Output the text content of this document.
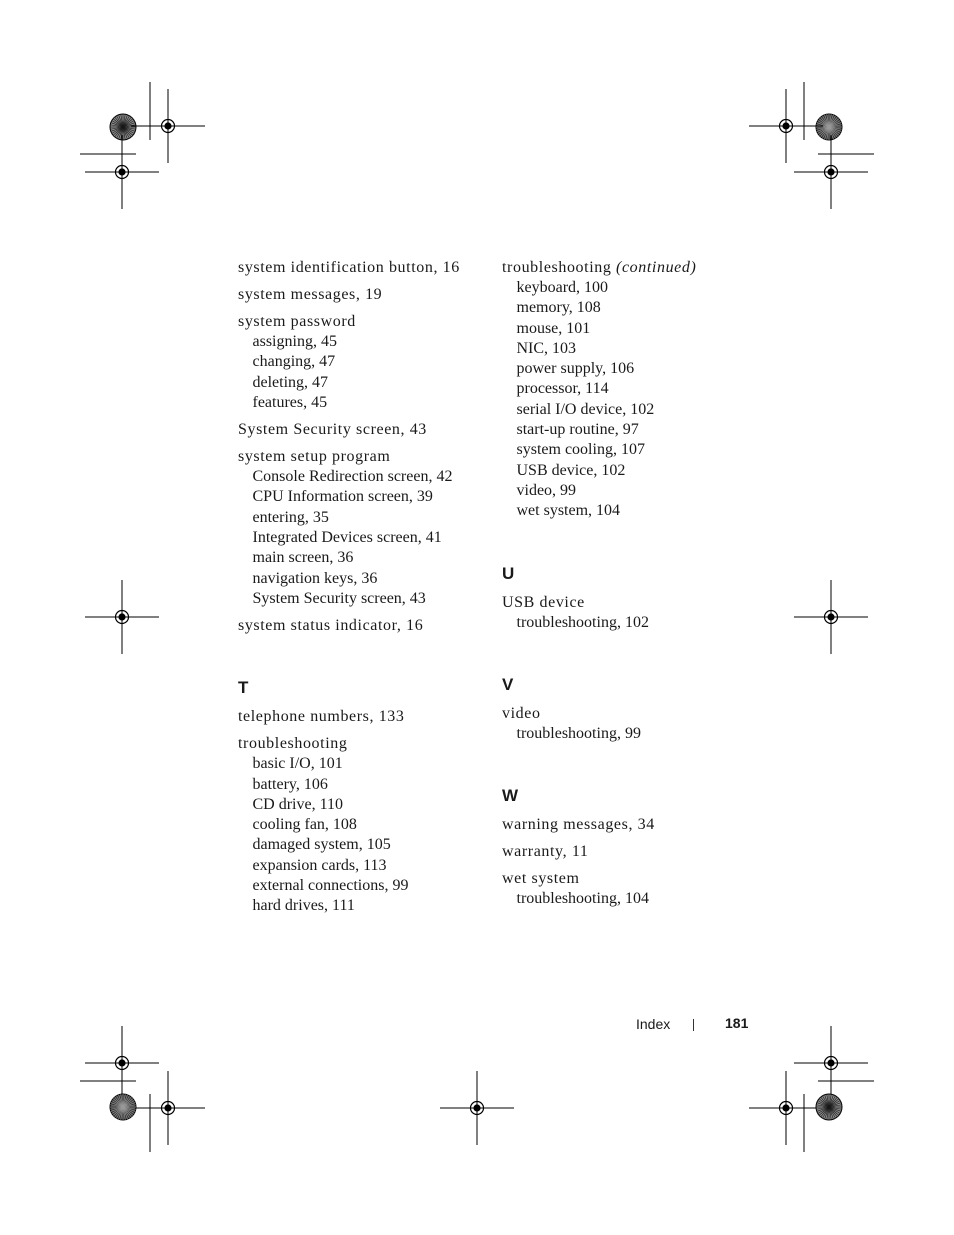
system identification button, 16
system messages, 19
system password
assigning, 45
changing, 47
deleting, 47
features, 45
System Security screen, 43
system setup program
Console Redirection screen, 42
CPU Information screen, 39
entering, 35
Integrated Devices screen, 41
main screen, 36
navigation keys, 36
System Security screen, 43
system status indicator, 16
T
telephone numbers, 133
troubleshooting
basic I/O, 101
battery, 106
CD drive, 110
cooling fan, 108
damaged system, 105
expansion cards, 113
external connections, 99
hard drives, 111
troubleshooting (continued)
keyboard, 100
memory, 108
mouse, 101
NIC, 103
power supply, 106
processor, 114
serial I/O device, 102
start-up routine, 97
system cooling, 107
USB device, 102
video, 99
wet system, 104
U
USB device
troubleshooting, 102
V
video
troubleshooting, 99
W
warning messages, 34
warranty, 11
wet system
troubleshooting, 104
Index	181
